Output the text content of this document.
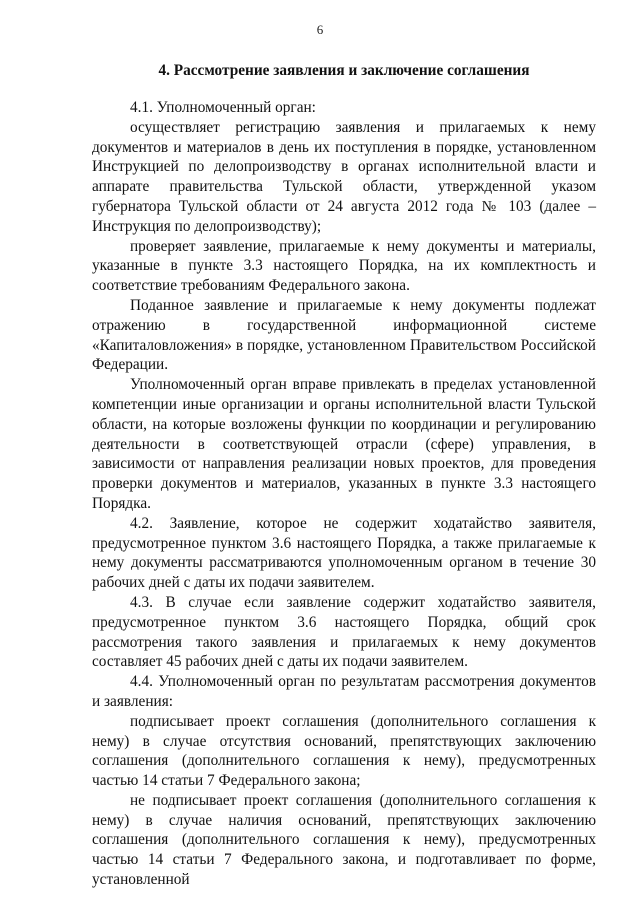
6
4. Рассмотрение заявления и заключение соглашения

4.1. Уполномоченный орган:

осуществляет регистрацию заявления и прилагаемых к нему документов и материалов в день их поступления в порядке, установленном Инструкцией по делопроизводству в органах исполнительной власти и аппарате правительства Тульской области, утвержденной указом губернатора Тульской области от 24 августа 2012 года № 103 (далее – Инструкция по делопроизводству);

проверяет заявление, прилагаемые к нему документы и материалы, указанные в пункте 3.3 настоящего Порядка, на их комплектность и соответствие требованиям Федерального закона.

Поданное заявление и прилагаемые к нему документы подлежат отражению в государственной информационной системе «Капиталовложения» в порядке, установленном Правительством Российской Федерации.

Уполномоченный орган вправе привлекать в пределах установленной компетенции иные организации и органы исполнительной власти Тульской области, на которые возложены функции по координации и регулированию деятельности в соответствующей отрасли (сфере) управления, в зависимости от направления реализации новых проектов, для проведения проверки документов и материалов, указанных в пункте 3.3 настоящего Порядка.

4.2. Заявление, которое не содержит ходатайство заявителя, предусмотренное пунктом 3.6 настоящего Порядка, а также прилагаемые к нему документы рассматриваются уполномоченным органом в течение 30 рабочих дней с даты их подачи заявителем.

4.3. В случае если заявление содержит ходатайство заявителя, предусмотренное пунктом 3.6 настоящего Порядка, общий срок рассмотрения такого заявления и прилагаемых к нему документов составляет 45 рабочих дней с даты их подачи заявителем.

4.4. Уполномоченный орган по результатам рассмотрения документов и заявления:

подписывает проект соглашения (дополнительного соглашения к нему) в случае отсутствия оснований, препятствующих заключению соглашения (дополнительного соглашения к нему), предусмотренных частью 14 статьи 7 Федерального закона;

не подписывает проект соглашения (дополнительного соглашения к нему) в случае наличия оснований, препятствующих заключению соглашения (дополнительного соглашения к нему), предусмотренных частью 14 статьи 7 Федерального закона, и подготавливает по форме, установленной
